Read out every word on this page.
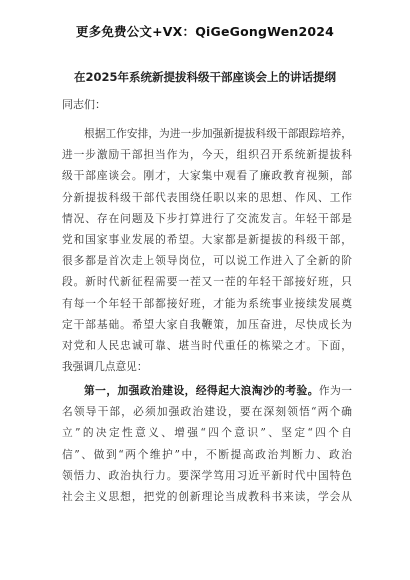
更多免费公文+VX：QiGeGongWen2024
在2025年系统新提拔科级干部座谈会上的讲话提纲
同志们：
根据工作安排，为进一步加强新提拔科级干部跟踪培养，
进一步激励干部担当作为，今天，组织召开系统新提拔科
级干部座谈会。刚才，大家集中观看了廉政教育视频，部
分新提拔科级干部代表围绕任职以来的思想、作风、工作
情况、存在问题及下步打算进行了交流发言。年轻干部是
党和国家事业发展的希望。大家都是新提拔的科级干部，
很多都是首次走上领导岗位，可以说工作进入了全新的阶
段。新时代新征程需要一茬又一茬的年轻干部接好班，只
有每一个年轻干部都接好班，才能为系统事业接续发展奠
定干部基础。希望大家自我鞭策，加压奋进，尽快成长为
对党和人民忠诚可靠、堪当时代重任的栋梁之才。下面，
我强调几点意见：
第一，加强政治建设，经得起大浪淘沙的考验。作为一
名领导干部，必须加强政治建设，要在深刻领悟“两个确
立”的决定性意义、增强“四个意识”、坚定“四个自
信”、做到“两个维护”中，不断提高政治判断力、政治
领悟力、政治执行力。要深学笃用习近平新时代中国特色
社会主义思想，把党的创新理论当成教科书来读，学会从
